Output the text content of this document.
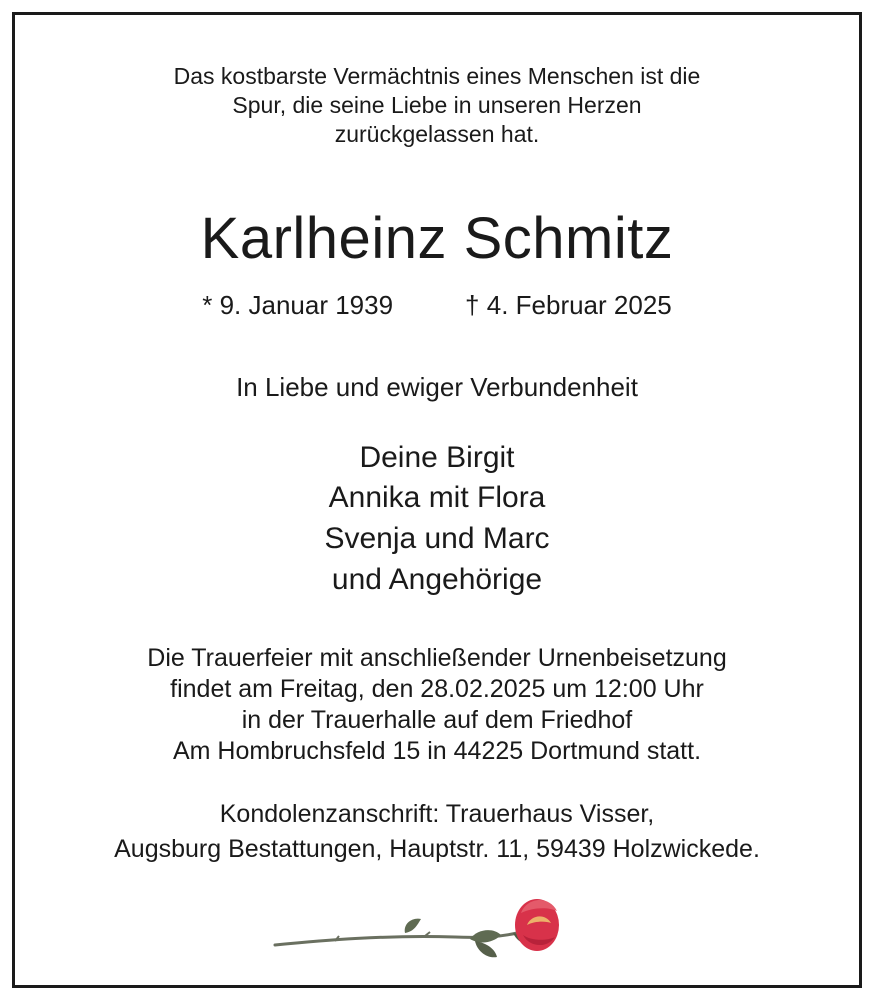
Das kostbarste Vermächtnis eines Menschen ist die
Spur, die seine Liebe in unseren Herzen
zurückgelassen hat.
Karlheinz Schmitz
* 9. Januar 1939	† 4. Februar 2025
In Liebe und ewiger Verbundenheit
Deine Birgit
Annika mit Flora
Svenja und Marc
und Angehörige
Die Trauerfeier mit anschließender Urnenbeisetzung
findet am Freitag, den 28.02.2025 um 12:00 Uhr
in der Trauerhalle auf dem Friedhof
Am Hombruchsfeld 15 in 44225 Dortmund statt.
Kondolenzanschrift: Trauerhaus Visser,
Augsburg Bestattungen, Hauptstr. 11, 59439 Holzwickede.
